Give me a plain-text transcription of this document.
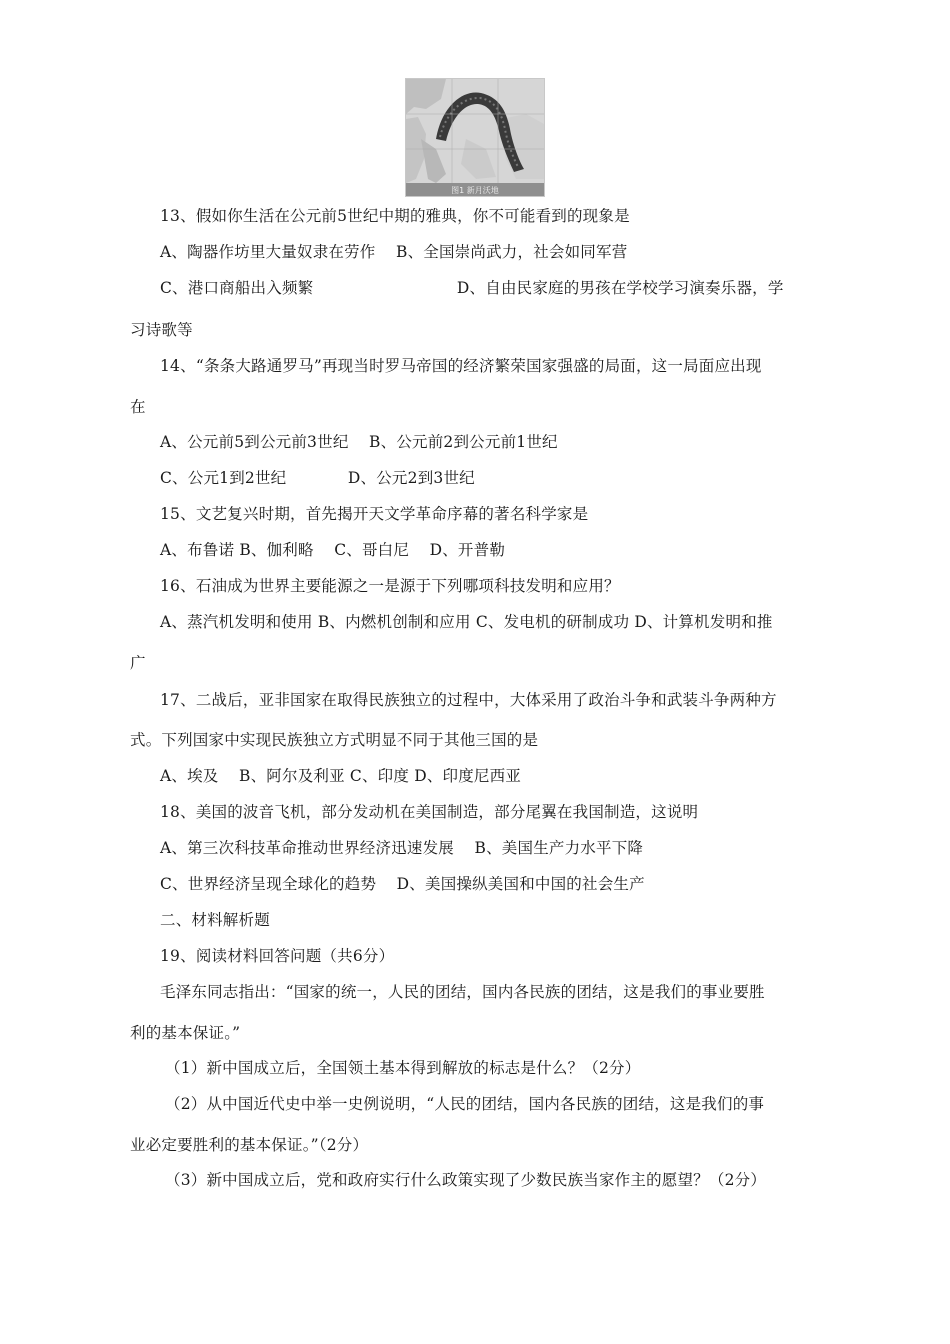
图1 新月沃地
13、假如你生活在公元前5世纪中期的雅典，你不可能看到的现象是
A、陶器作坊里大量奴隶在劳作    B、全国崇尚武力，社会如同军营
C、港口商船出入频繁                            D、自由民家庭的男孩在学校学习演奏乐器，学
习诗歌等
14、“条条大路通罗马”再现当时罗马帝国的经济繁荣国家强盛的局面，这一局面应出现
在
A、公元前5到公元前3世纪    B、公元前2到公元前1世纪
C、公元1到2世纪            D、公元2到3世纪
15、文艺复兴时期，首先揭开天文学革命序幕的著名科学家是
A、布鲁诺 B、伽利略    C、哥白尼    D、开普勒
16、石油成为世界主要能源之一是源于下列哪项科技发明和应用？
A、蒸汽机发明和使用 B、内燃机创制和应用 C、发电机的研制成功 D、计算机发明和推
广
17、二战后，亚非国家在取得民族独立的过程中，大体采用了政治斗争和武装斗争两种方
式。下列国家中实现民族独立方式明显不同于其他三国的是
A、埃及    B、阿尔及利亚 C、印度 D、印度尼西亚
18、美国的波音飞机，部分发动机在美国制造，部分尾翼在我国制造，这说明
A、第三次科技革命推动世界经济迅速发展    B、美国生产力水平下降
C、世界经济呈现全球化的趋势    D、美国操纵美国和中国的社会生产
二、材料解析题
19、阅读材料回答问题（共6分）
毛泽东同志指出：“国家的统一，人民的团结，国内各民族的团结，这是我们的事业要胜
利的基本保证。”
（1）新中国成立后，全国领土基本得到解放的标志是什么？（2分）
（2）从中国近代史中举一史例说明，“人民的团结，国内各民族的团结，这是我们的事
业必定要胜利的基本保证。”（2分）
（3）新中国成立后，党和政府实行什么政策实现了少数民族当家作主的愿望？（2分）
